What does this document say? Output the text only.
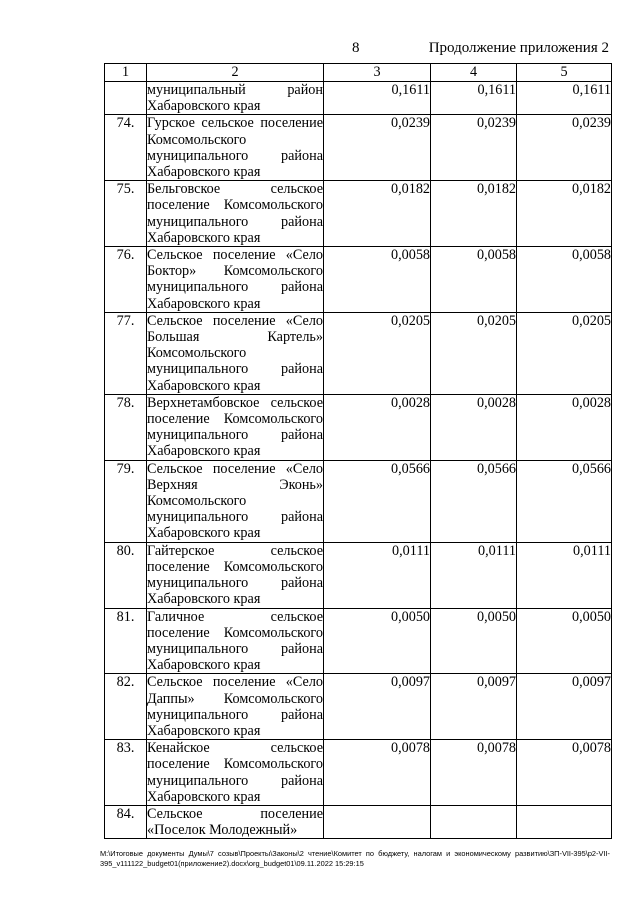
8	Продолжение приложения 2
1	2	3	4	5
	муниципальный район Хабаровского края	0,1611	0,1611	0,1611
74.	Гурское сельское поселение Комсомольского муниципального района Хабаровского края	0,0239	0,0239	0,0239
75.	Бельговское сельское поселение Комсомольского муниципального района Хабаровского края	0,0182	0,0182	0,0182
76.	Сельское поселение «Село Боктор» Комсомольского муниципального района Хабаровского края	0,0058	0,0058	0,0058
77.	Сельское поселение «Село Большая Картель» Комсомольского муниципального района Хабаровского края	0,0205	0,0205	0,0205
78.	Верхнетамбовское сельское поселение Комсомольского муниципального района Хабаровского края	0,0028	0,0028	0,0028
79.	Сельское поселение «Село Верхняя Эконь» Комсомольского муниципального района Хабаровского края	0,0566	0,0566	0,0566
80.	Гайтерское сельское поселение Комсомольского муниципального района Хабаровского края	0,0111	0,0111	0,0111
81.	Галичное сельское поселение Комсомольского муниципального района Хабаровского края	0,0050	0,0050	0,0050
82.	Сельское поселение «Село Даппы» Комсомольского муниципального района Хабаровского края	0,0097	0,0097	0,0097
83.	Кенайское сельское поселение Комсомольского муниципального района Хабаровского края	0,0078	0,0078	0,0078
84.	Сельское поселение «Поселок Молодежный»			
М:\Итоговые документы Думы\7 созыв\Проекты\Законы\2 чтение\Комитет по бюджету, налогам и экономическому развитию\ЗП-VII-395\р2-VII-395_v111122_budget01(приложение2).docx\org_budget01\09.11.2022 15:29:15
